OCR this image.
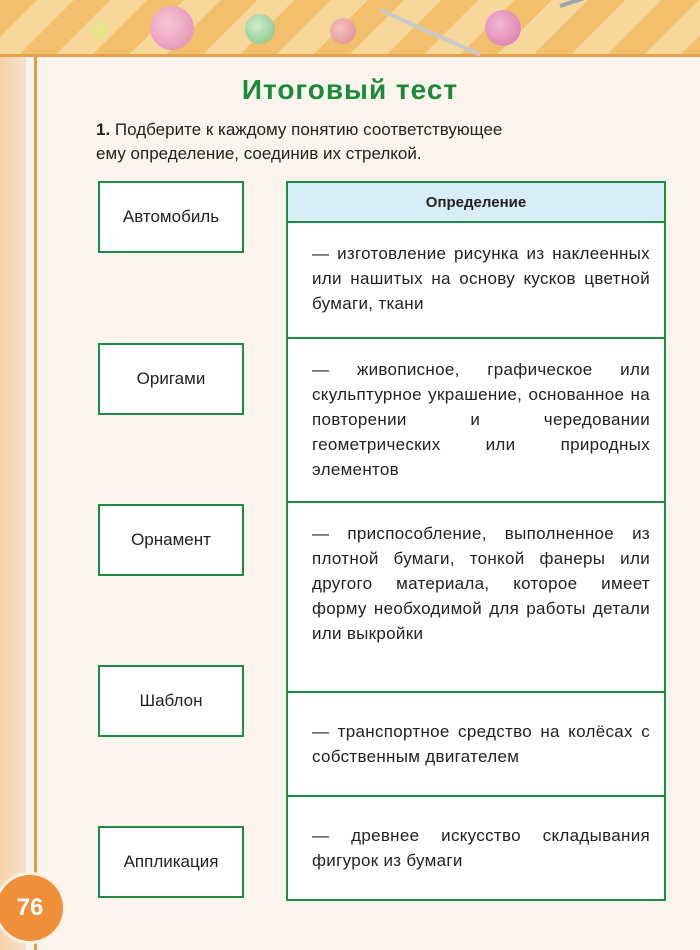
Итоговый тест
1. Подберите к каждому понятию соответствующее
ему определение, соединив их стрелкой.
Автомобиль
Оригами
Орнамент
Шаблон
Аппликация
Определение
— изготовление рисунка из наклеенных или нашитых на основу кусков цветной бумаги, ткани
— живописное, графическое или скульптурное украшение, основанное на повторении и чередовании геометрических или природных элементов
— приспособление, выполненное из плотной бумаги, тонкой фанеры или другого материала, которое имеет форму необходимой для работы детали или выкройки
— транспортное средство на колёсах с собственным двигателем
— древнее искусство складывания фигурок из бумаги
76
